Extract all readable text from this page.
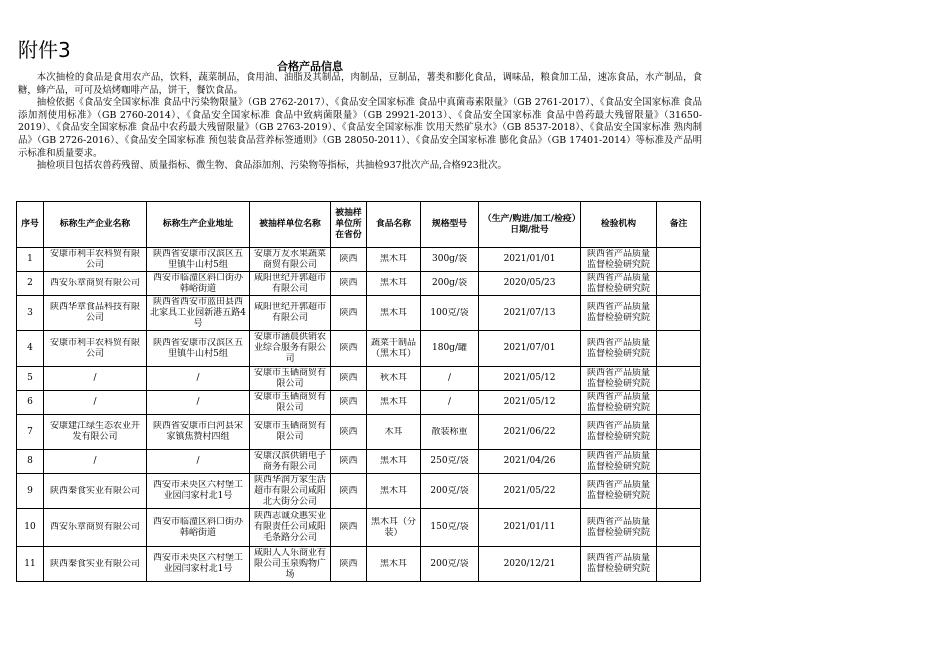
附件3
合格产品信息

本次抽检的食品是食用农产品，饮料，蔬菜制品，食用油、油脂及其制品，肉制品，豆制品，薯类和膨化食品，调味品，粮食加工品，速冻食品，水产制品，食糖，蜂产品，可可及焙烤咖啡产品，饼干，餐饮食品。

抽检依据《食品安全国家标准 食品中污染物限量》（GB 2762-2017）、《食品安全国家标准 食品中真菌毒素限量》（GB 2761-2017）、《食品安全国家标准 食品添加剂使用标准》（GB 2760-2014）、《食品安全国家标准 食品中致病菌限量》（GB 29921-2013）、《食品安全国家标准 食品中兽药最大残留限量》（31650-2019）、《食品安全国家标准 食品中农药最大残留限量》（GB 2763-2019）、《食品安全国家标准 饮用天然矿泉水》（GB 8537-2018）、《食品安全国家标准 熟肉制品》（GB 2726-2016）、《食品安全国家标准 预包装食品营养标签通则》（GB 28050-2011）、《食品安全国家标准 膨化食品》（GB 17401-2014）等标准及产品明示标准和质量要求。

抽检项目包括农兽药残留、质量指标、微生物、食品添加剂、污染物等指标，共抽检937批次产品,合格923批次。

序号	标称生产企业名称	标称生产企业地址	被抽样单位名称	被抽样单位所在省份	食品名称	规格型号	（生产/购进/加工/检疫）日期/批号	检验机构	备注

1	安康市利丰农科贸有限公司	陕西省安康市汉滨区五里镇牛山村5组	安康万友水果蔬菜商贸有限公司	陕西	黑木耳	300g/袋	2021/01/01	陕西省产品质量监督检验研究院	

2	西安乐章商贸有限公司	西安市临潼区斜口街办韩峪街道	咸阳世纪开郭超市有限公司	陕西	黑木耳	200g/袋	2020/05/23	陕西省产品质量监督检验研究院	

3	陕西华章食品科技有限公司	陕西省西安市蓝田县西北家具工业园新港五路4号	咸阳世纪开郭超市有限公司	陕西	黑木耳	100克/袋	2021/07/13	陕西省产品质量监督检验研究院	

4	安康市利丰农科贸有限公司	陕西省安康市汉滨区五里镇牛山村5组	安康市涵晨供销农业综合服务有限公司	陕西	蔬菜干制品（黑木耳）	180g/罐	2021/07/01	陕西省产品质量监督检验研究院	

5	/	/	安康市玉硒商贸有限公司	陕西	秋木耳	/	2021/05/12	陕西省产品质量监督检验研究院	

6	/	/	安康市玉硒商贸有限公司	陕西	黑木耳	/	2021/05/12	陕西省产品质量监督检验研究院	

7	安康建江绿生态农业开发有限公司	陕西省安康市白河县宋家镇焦赞村四组	安康市玉硒商贸有限公司	陕西	木耳	散装称重	2021/06/22	陕西省产品质量监督检验研究院	

8	/	/	安康汉滨供销电子商务有限公司	陕西	黑木耳	250克/袋	2021/04/26	陕西省产品质量监督检验研究院	

9	陕西秦食实业有限公司	西安市未央区六村堡工业园闫家村北1号	陕西华润万家生活超市有限公司咸阳北大街分公司	陕西	黑木耳	200克/袋	2021/05/22	陕西省产品质量监督检验研究院	

10	西安乐章商贸有限公司	西安市临潼区斜口街办韩峪街道	陕西志诚众惠实业有限责任公司咸阳毛条路分公司	陕西	黑木耳（分装）	150克/袋	2021/01/11	陕西省产品质量监督检验研究院	

11	陕西秦食实业有限公司	西安市未央区六村堡工业园闫家村北1号	咸阳人人乐商业有限公司玉泉购物广场	陕西	黑木耳	200克/袋	2020/12/21	陕西省产品质量监督检验研究院	
